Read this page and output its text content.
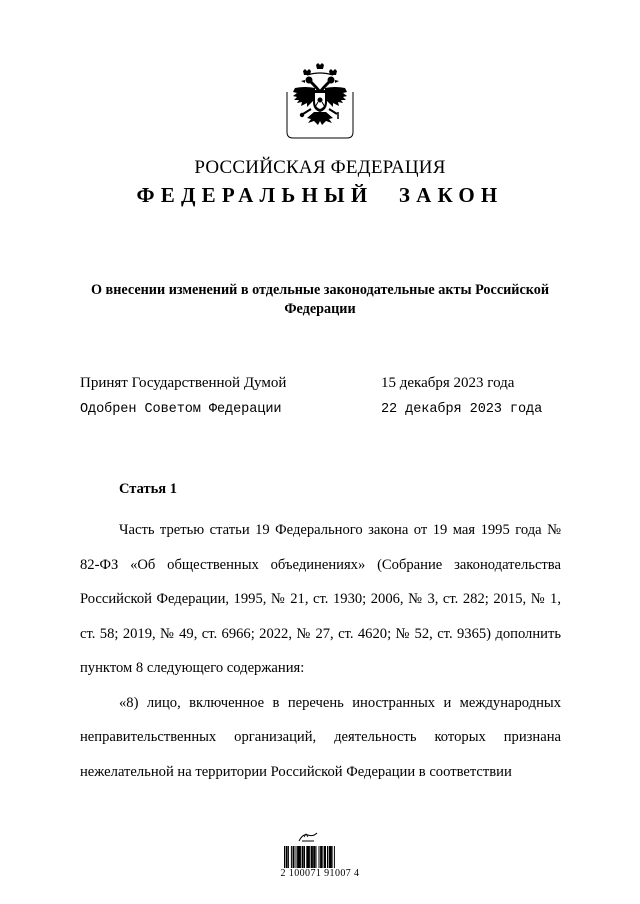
РОССИЙСКАЯ ФЕДЕРАЦИЯ
ФЕДЕРАЛЬНЫЙ ЗАКОН
О внесении изменений в отдельные законодательные акты Российской Федерации
Принят Государственной Думой	15 декабря 2023 года
Одобрен Советом Федерации	22 декабря 2023 года
Статья 1

Часть третью статьи 19 Федерального закона от 19 мая 1995 года № 82-ФЗ «Об общественных объединениях» (Собрание законодательства Российской Федерации, 1995, № 21, ст. 1930; 2006, № 3, ст. 282; 2015, № 1, ст. 58; 2019, № 49, ст. 6966; 2022, № 27, ст. 4620; № 52, ст. 9365) дополнить пунктом 8 следующего содержания:

«8) лицо, включенное в перечень иностранных и международных неправительственных организаций, деятельность которых признана нежелательной на территории Российской Федерации в соответствии

2 100071 91007 4
